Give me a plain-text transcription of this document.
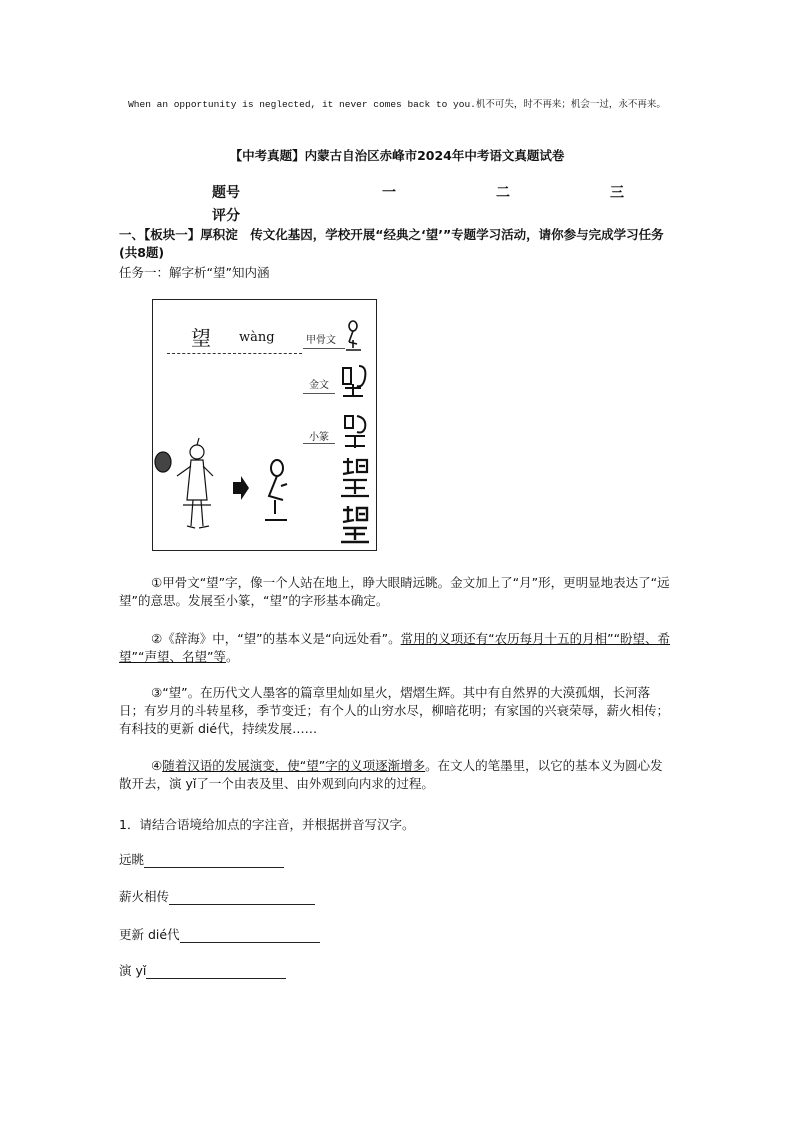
When an opportunity is neglected, it never comes back to you.机不可失，时不再来；机会一过，永不再来。
【中考真题】内蒙古自治区赤峰市2024年中考语文真题试卷
题号	一	二	三
评分
一、【板块一】厚积淀　传文化基因，学校开展“经典之‘望’”专题学习活动，请你参与完成学习任务(共8题)
任务一：解字析“望”知内涵
望 wàng	甲骨文
金文
小篆
①甲骨文“望”字，像一个人站在地上，睁大眼睛远眺。金文加上了“月”形，更明显地表达了“远望”的意思。发展至小篆，“望”的字形基本确定。
②《辞海》中，“望”的基本义是“向远处看”。常用的义项还有“农历每月十五的月相”“盼望、希望”“声望、名望”等。
③“望”。在历代文人墨客的篇章里灿如星火，熠熠生辉。其中有自然界的大漠孤烟，长河落日；有岁月的斗转星移，季节变迁；有个人的山穷水尽，柳暗花明；有家国的兴衰荣辱，薪火相传；有科技的更新 dié代，持续发展……
④随着汉语的发展演变，使“望”字的义项逐渐增多。在文人的笔墨里，以它的基本义为圆心发散开去，演 yǐ了一个由表及里、由外观到向内求的过程。
1．请结合语境给加点的字注音，并根据拼音写汉字。
远眺
薪火相传
更新 dié代
演 yǐ
